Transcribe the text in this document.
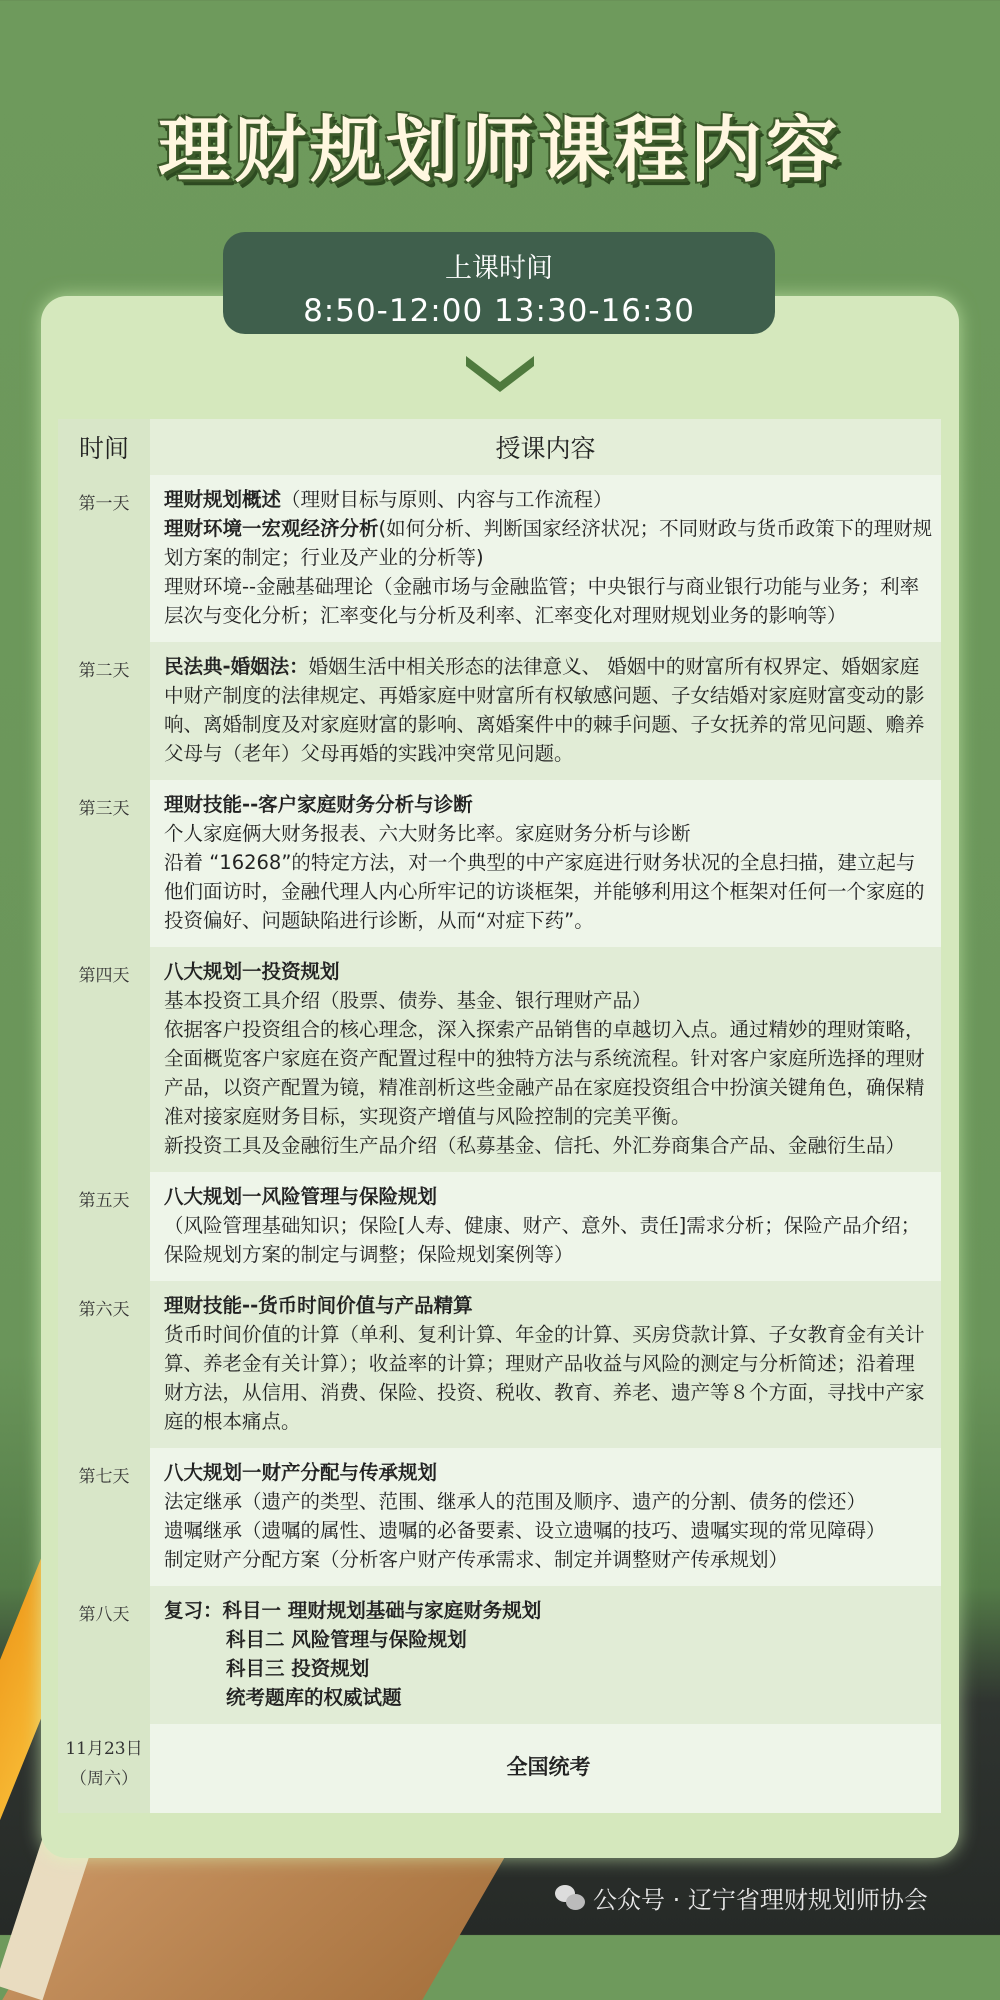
理财规划师课程内容
上课时间
8:50-12:00 13:30-16:30
时间	授课内容
第一天	理财规划概述（理财目标与原则、内容与工作流程）
理财环境一宏观经济分析(如何分析、判断国家经济状况；不同财政与货币政策下的理财规划方案的制定；行业及产业的分析等)
理财环境--金融基础理论（金融市场与金融监管；中央银行与商业银行功能与业务；利率层次与变化分析；汇率变化与分析及利率、汇率变化对理财规划业务的影响等）

第二天	民法典-婚姻法：婚姻生活中相关形态的法律意义、 婚姻中的财富所有权界定、婚姻家庭中财产制度的法律规定、再婚家庭中财富所有权敏感问题、子女结婚对家庭财富变动的影响、离婚制度及对家庭财富的影响、离婚案件中的棘手问题、子女抚养的常见问题、赡养父母与（老年）父母再婚的实践冲突常见问题。

第三天	理财技能--客户家庭财务分析与诊断
个人家庭俩大财务报表、六大财务比率。家庭财务分析与诊断
沿着 “16268”的特定方法，对一个典型的中产家庭进行财务状况的全息扫描，建立起与他们面访时，金融代理人内心所牢记的访谈框架，并能够利用这个框架对任何一个家庭的投资偏好、问题缺陷进行诊断，从而“对症下药”。

第四天	八大规划一投资规划
基本投资工具介绍（股票、债券、基金、银行理财产品）
依据客户投资组合的核心理念，深入探索产品销售的卓越切入点。通过精妙的理财策略，全面概览客户家庭在资产配置过程中的独特方法与系统流程。针对客户家庭所选择的理财产品，以资产配置为镜，精准剖析这些金融产品在家庭投资组合中扮演关键角色，确保精准对接家庭财务目标，实现资产增值与风险控制的完美平衡。
新投资工具及金融衍生产品介绍（私募基金、信托、外汇券商集合产品、金融衍生品）

第五天	八大规划一风险管理与保险规划
（风险管理基础知识；保险[人寿、健康、财产、意外、责任]需求分析；保险产品介绍；保险规划方案的制定与调整；保险规划案例等）

第六天	理财技能--货币时间价值与产品精算
货币时间价值的计算（单利、复利计算、年金的计算、买房贷款计算、子女教育金有关计算、养老金有关计算）；收益率的计算；理财产品收益与风险的测定与分析简述；沿着理财方法，从信用、消费、保险、投资、税收、教育、养老、遗产等８个方面，寻找中产家庭的根本痛点。

第七天	八大规划一财产分配与传承规划
法定继承（遗产的类型、范围、继承人的范围及顺序、遗产的分割、债务的偿还）
遗嘱继承（遗嘱的属性、遗嘱的必备要素、设立遗嘱的技巧、遗嘱实现的常见障碍）
制定财产分配方案（分析客户财产传承需求、制定并调整财产传承规划）

第八天	复习：科目一 理财规划基础与家庭财务规划
科目二 风险管理与保险规划
科目三 投资规划
统考题库的权威试题

11月23日
（周六）	全国统考
公众号 · 辽宁省理财规划师协会
